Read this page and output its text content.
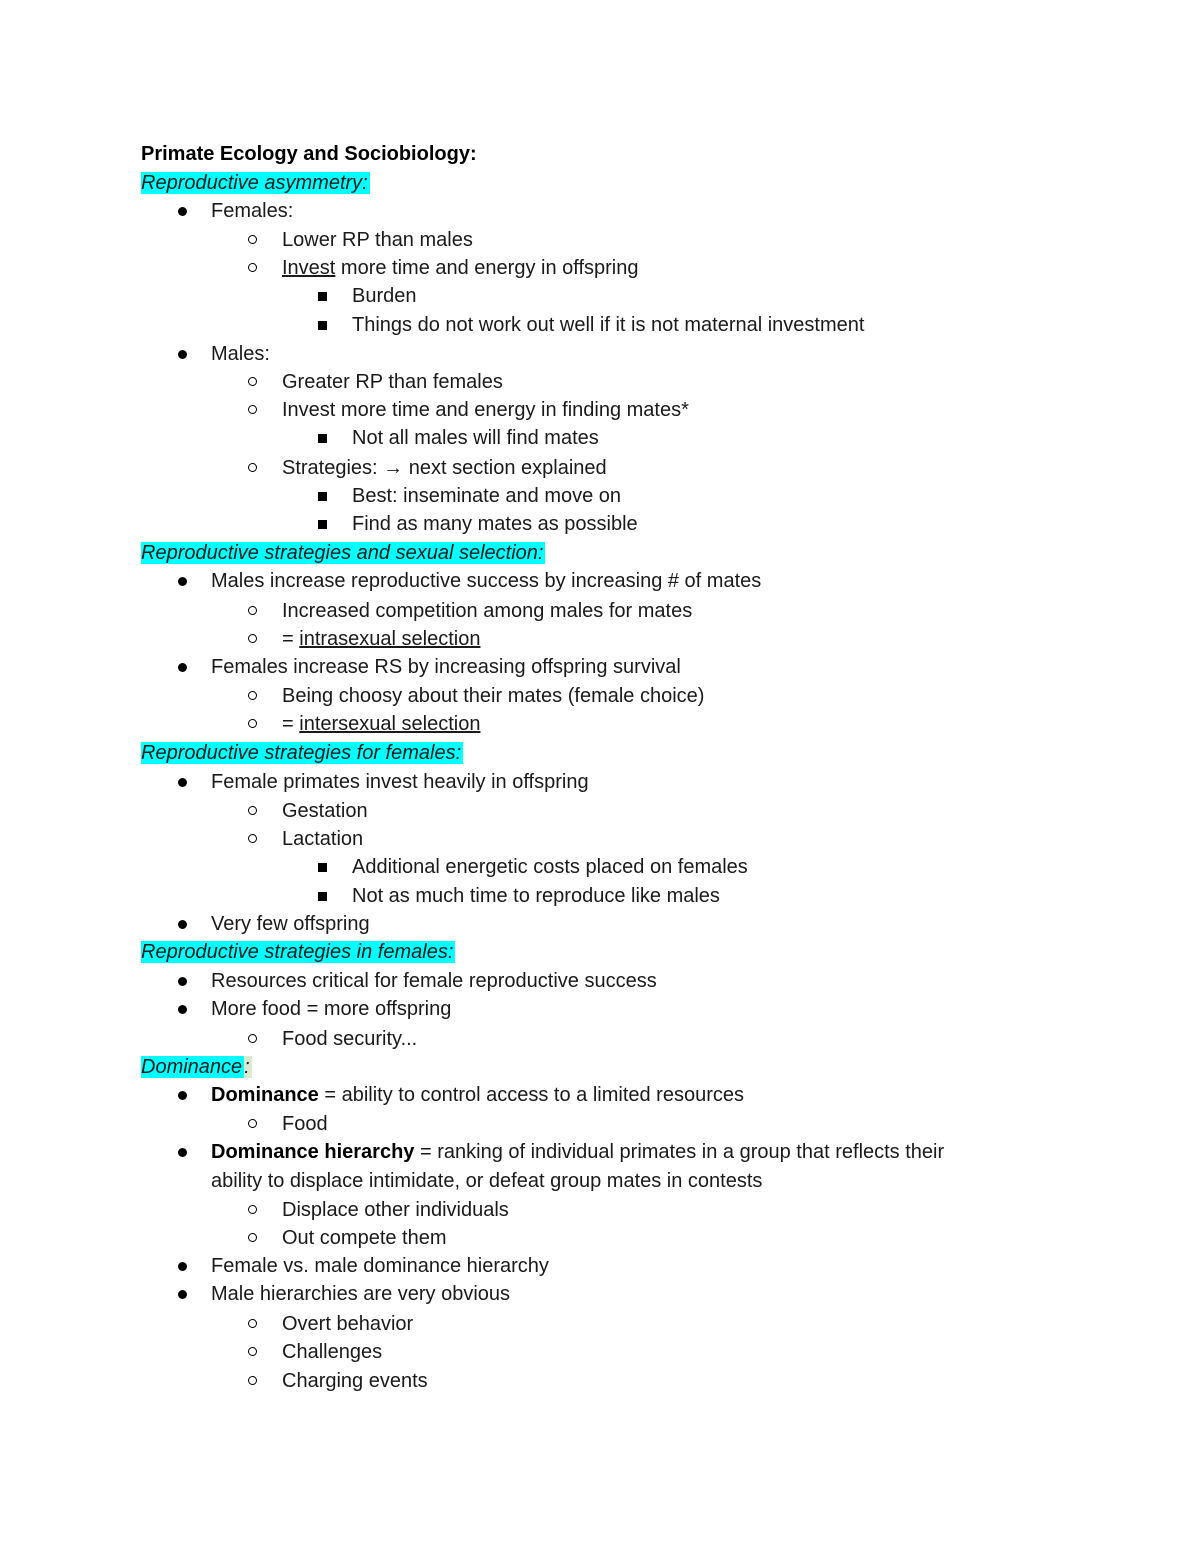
Primate Ecology and Sociobiology:
Reproductive asymmetry:
Females:
Lower RP than males
Invest more time and energy in offspring
Burden
Things do not work out well if it is not maternal investment
Males:
Greater RP than females
Invest more time and energy in finding mates*
Not all males will find mates
Strategies: → next section explained
Best: inseminate and move on
Find as many mates as possible
Reproductive strategies and sexual selection:
Males increase reproductive success by increasing # of mates
Increased competition among males for mates
= intrasexual selection
Females increase RS by increasing offspring survival
Being choosy about their mates (female choice)
= intersexual selection
Reproductive strategies for females:
Female primates invest heavily in offspring
Gestation
Lactation
Additional energetic costs placed on females
Not as much time to reproduce like males
Very few offspring
Reproductive strategies in females:
Resources critical for female reproductive success
More food = more offspring
Food security...
Dominance :
Dominance = ability to control access to a limited resources
Food
Dominance hierarchy = ranking of individual primates in a group that reflects their
ability to displace intimidate, or defeat group mates in contests
Displace other individuals
Out compete them
Female vs. male dominance hierarchy
Male hierarchies are very obvious
Overt behavior
Challenges
Charging events
